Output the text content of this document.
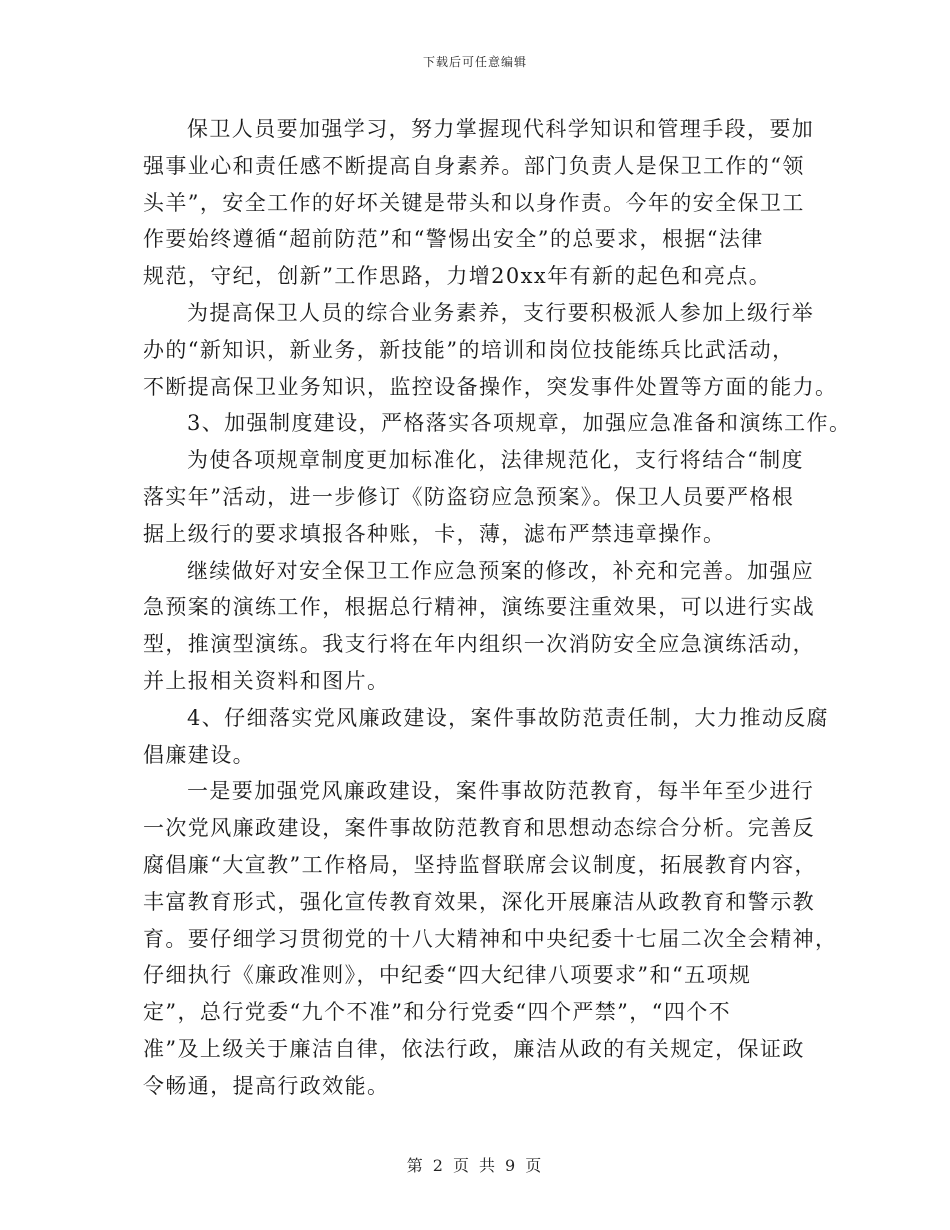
下载后可任意编辑
保卫人员要加强学习，努力掌握现代科学知识和管理手段，要加
强事业心和责任感不断提高自身素养。部门负责人是保卫工作的“领
头羊”，安全工作的好坏关键是带头和以身作责。今年的安全保卫工
作要始终遵循“超前防范”和“警惕出安全”的总要求，根据“法律
规范，守纪，创新”工作思路，力增20xx年有新的起色和亮点。
为提高保卫人员的综合业务素养，支行要积极派人参加上级行举
办的“新知识，新业务，新技能”的培训和岗位技能练兵比武活动，
不断提高保卫业务知识，监控设备操作，突发事件处置等方面的能力。
3、加强制度建设，严格落实各项规章，加强应急准备和演练工作。
为使各项规章制度更加标准化，法律规范化，支行将结合“制度
落实年”活动，进一步修订《防盗窃应急预案》。保卫人员要严格根
据上级行的要求填报各种账，卡，薄，滤布严禁违章操作。
继续做好对安全保卫工作应急预案的修改，补充和完善。加强应
急预案的演练工作，根据总行精神，演练要注重效果，可以进行实战
型，推演型演练。我支行将在年内组织一次消防安全应急演练活动，
并上报相关资料和图片。
4、仔细落实党风廉政建设，案件事故防范责任制，大力推动反腐
倡廉建设。
一是要加强党风廉政建设，案件事故防范教育，每半年至少进行
一次党风廉政建设，案件事故防范教育和思想动态综合分析。完善反
腐倡廉“大宣教”工作格局，坚持监督联席会议制度，拓展教育内容，
丰富教育形式，强化宣传教育效果，深化开展廉洁从政教育和警示教
育。要仔细学习贯彻党的十八大精神和中央纪委十七届二次全会精神，
仔细执行《廉政准则》，中纪委“四大纪律八项要求”和“五项规
定”，总行党委“九个不准”和分行党委“四个严禁”，“四个不
准”及上级关于廉洁自律，依法行政，廉洁从政的有关规定，保证政
令畅通，提高行政效能。
第 2 页 共 9 页
